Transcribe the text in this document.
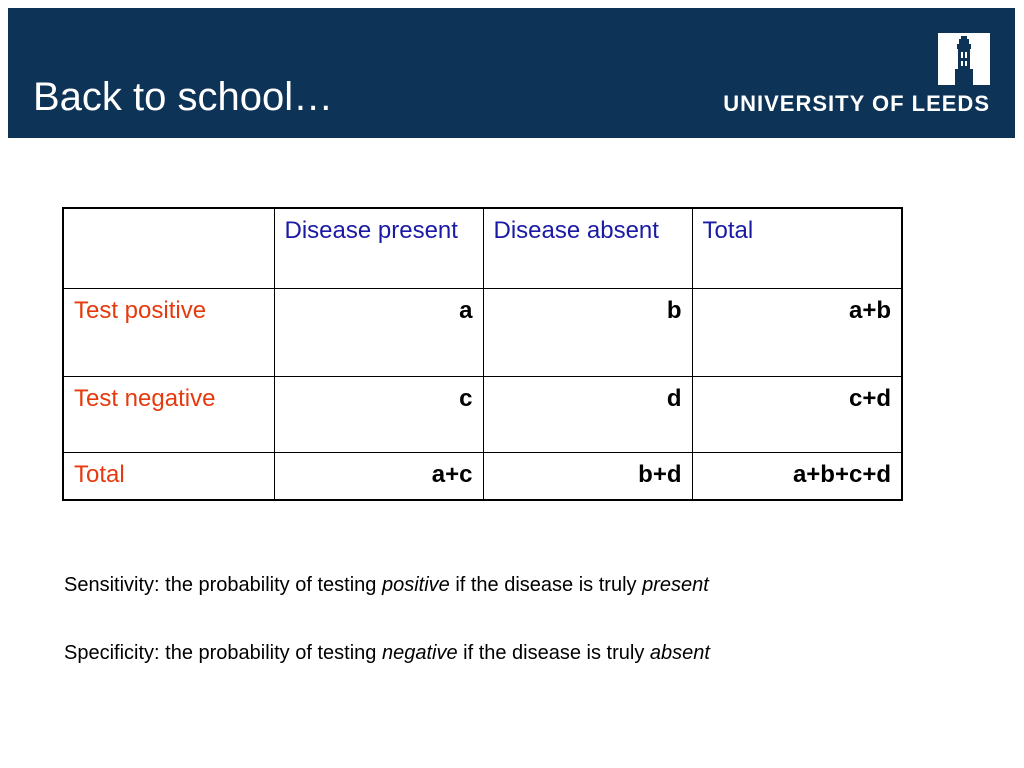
Back to school…	UNIVERSITY OF LEEDS
	Disease present	Disease absent	Total
Test positive	a	b	a+b
Test negative	c	d	c+d
Total	a+c	b+d	a+b+c+d
Sensitivity: the probability of testing positive if the disease is truly present
Specificity: the probability of testing negative if the disease is truly absent
